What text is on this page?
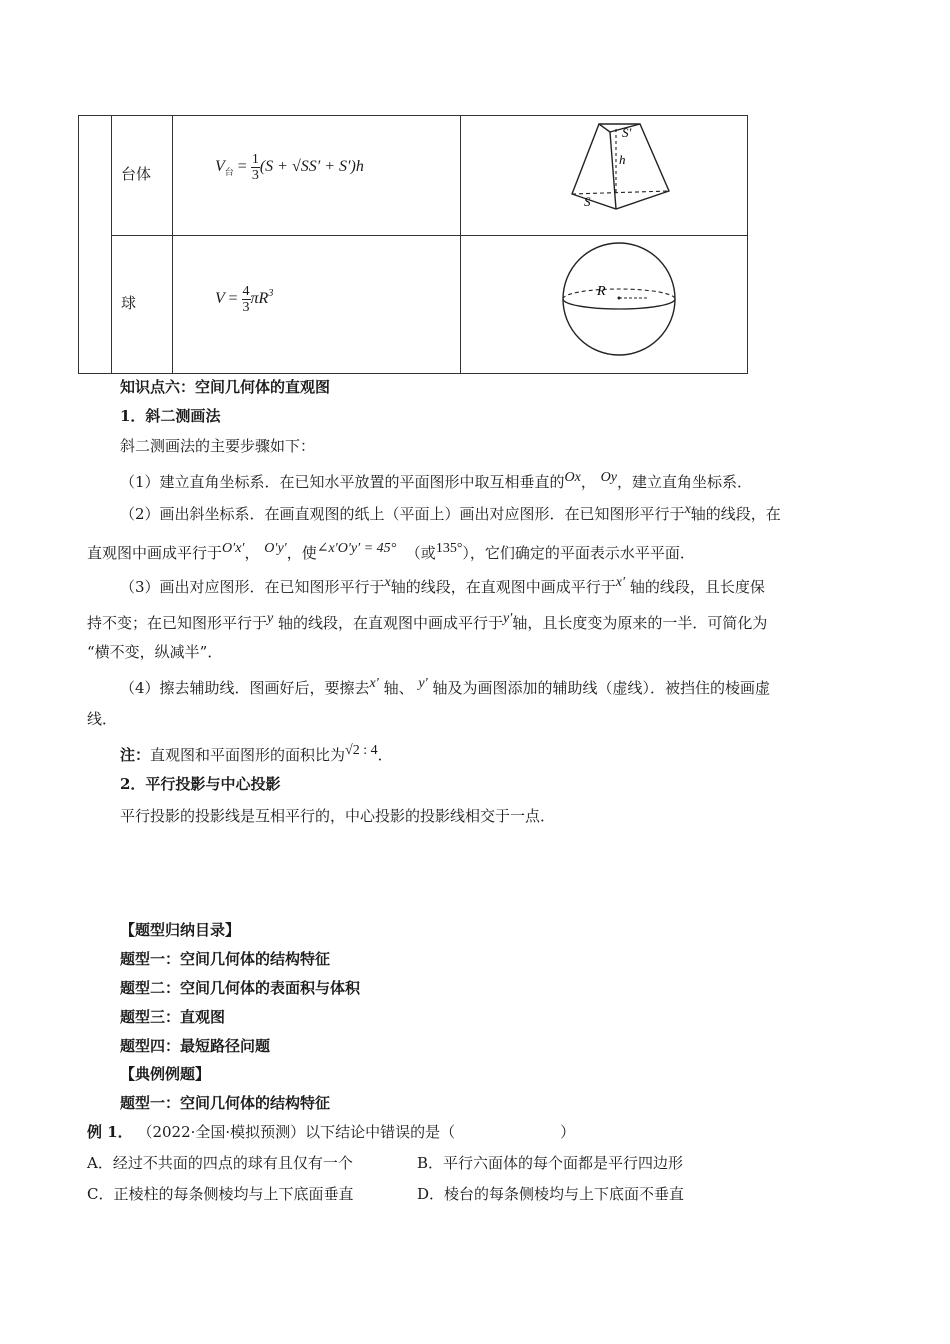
台体	$V_台 = \frac{1}{3} (S + √SS' + S')h$
球	$V = \frac{4}{3} \pi R^3$
S′
h
S
R
知识点六：空间几何体的直观图
1．斜二测画法
斜二测画法的主要步骤如下：
（1）建立直角坐标系．在已知水平放置的平面图形中取互相垂直的Ox， Oy，建立直角坐标系．
（2）画出斜坐标系．在画直观图的纸上（平面上）画出对应图形．在已知图形平行于x轴的线段，在
直观图中画成平行于O′x′， O′y′，使∠x′O′y′ = 45° （或135°），它们确定的平面表示水平平面．
（3）画出对应图形．在已知图形平行于x轴的线段，在直观图中画成平行于x′ 轴的线段，且长度保
持不变；在已知图形平行于y 轴的线段，在直观图中画成平行于y′轴，且长度变为原来的一半．可简化为
“横不变，纵减半”．
（4）擦去辅助线．图画好后，要擦去x′ 轴、 y′ 轴及为画图添加的辅助线（虚线）．被挡住的棱画虚
线．
注：直观图和平面图形的面积比为√2 : 4．
2．平行投影与中心投影
平行投影的投影线是互相平行的，中心投影的投影线相交于一点．
【题型归纳目录】
题型一：空间几何体的结构特征
题型二：空间几何体的表面积与体积
题型三：直观图
题型四：最短路径问题
【典例例题】
题型一：空间几何体的结构特征
例 1． （2022·全国·模拟预测）以下结论中错误的是（　　　　　　　）
A．经过不共面的四点的球有且仅有一个	B．平行六面体的每个面都是平行四边形
C．正棱柱的每条侧棱均与上下底面垂直	D．棱台的每条侧棱均与上下底面不垂直
